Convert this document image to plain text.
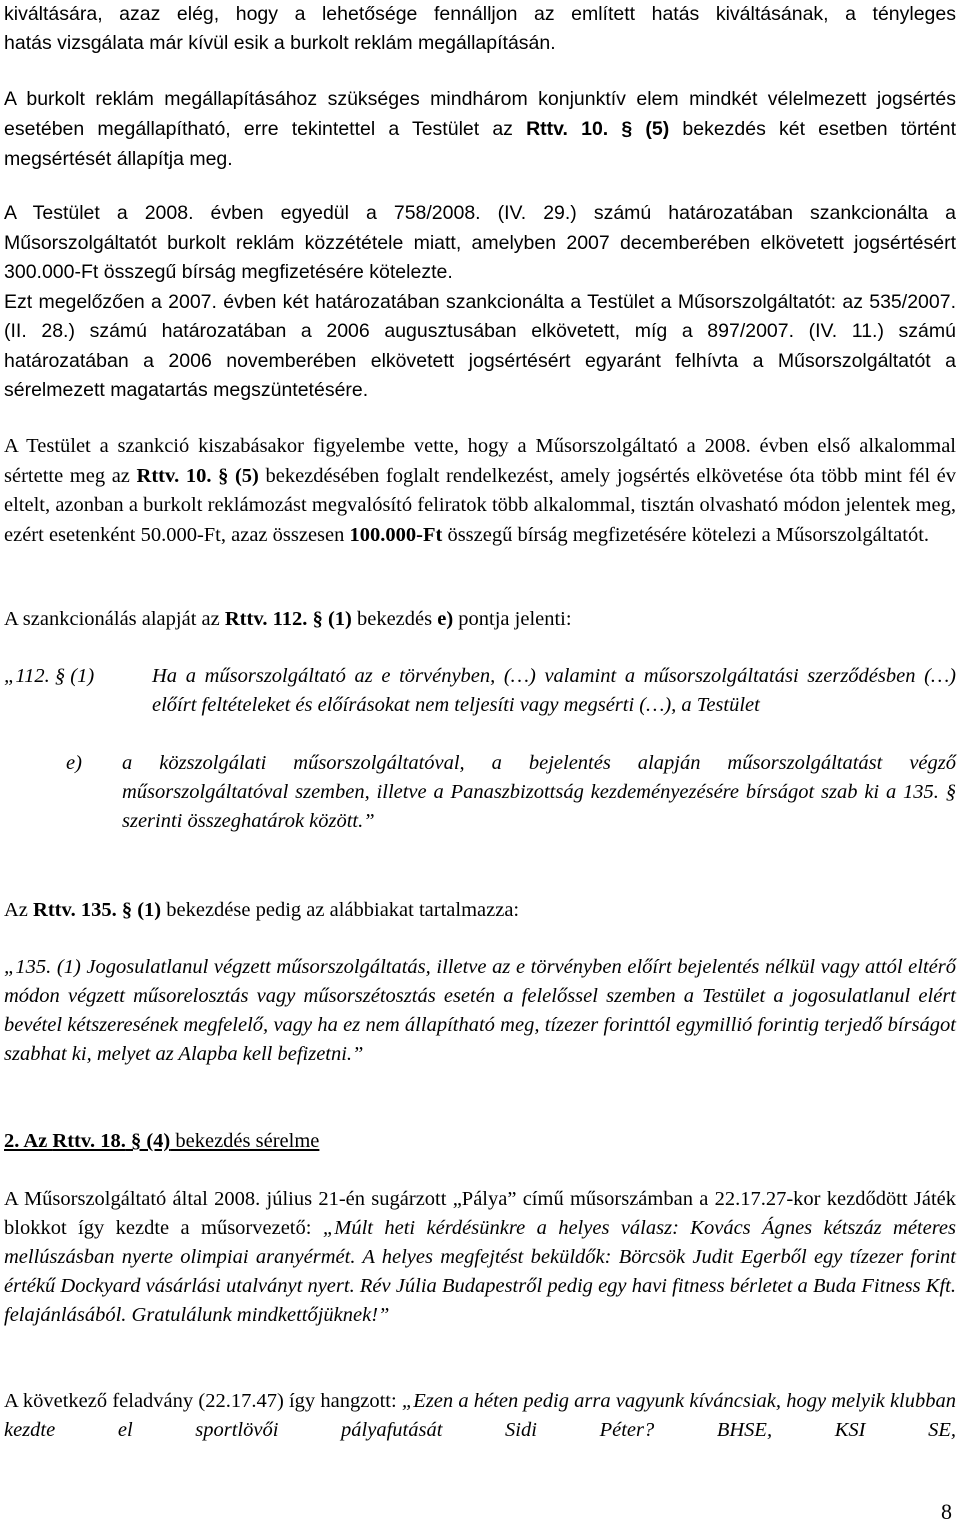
kiváltására, azaz elég, hogy a lehetősége fennálljon az említett hatás kiváltásának, a tényleges

hatás vizsgálata már kívül esik a burkolt reklám megállapításán.

A burkolt reklám megállapításához szükséges mindhárom konjunktív elem mindkét vélelmezett jogsértés esetében megállapítható, erre tekintettel a Testület az Rttv. 10. § (5) bekezdés két esetben történt megsértését állapítja meg.

A Testület a 2008. évben egyedül a 758/2008. (IV. 29.) számú határozatában szankcionálta a Műsorszolgáltatót burkolt reklám közzététele miatt, amelyben 2007 decemberében elkövetett jogsértésért 300.000-Ft összegű bírság megfizetésére kötelezte.

Ezt megelőzően a 2007. évben két határozatában szankcionálta a Testület a Műsorszolgáltatót: az 535/2007. (II. 28.) számú határozatában a 2006 augusztusában elkövetett, míg a 897/2007. (IV. 11.) számú határozatában a 2006 novemberében elkövetett jogsértésért egyaránt felhívta a Műsorszolgáltatót a sérelmezett magatartás megszüntetésére.

A Testület a szankció kiszabásakor figyelembe vette, hogy a Műsorszolgáltató a 2008. évben első alkalommal sértette meg az Rttv. 10. § (5) bekezdésében foglalt rendelkezést, amely jogsértés elkövetése óta több mint fél év eltelt, azonban a burkolt reklámozást megvalósító feliratok több alkalommal, tisztán olvasható módon jelentek meg, ezért esetenként 50.000-Ft, azaz összesen 100.000-Ft összegű bírság megfizetésére kötelezi a Műsorszolgáltatót.

A szankcionálás alapját az Rttv. 112. § (1) bekezdés e) pontja jelenti:

„112. § (1)	Ha a műsorszolgáltató az e törvényben, (…) valamint a műsorszolgáltatási szerződésben (…) előírt feltételeket és előírásokat nem teljesíti vagy megsérti (…), a Testület
e)	a közszolgálati műsorszolgáltatóval, a bejelentés alapján műsorszolgáltatást végző műsorszolgáltatóval szemben, illetve a Panaszbizottság kezdeményezésére bírságot szab ki a 135. § szerinti összeghatárok között.”

Az Rttv. 135. § (1) bekezdése pedig az alábbiakat tartalmazza:

„135. (1) Jogosulatlanul végzett műsorszolgáltatás, illetve az e törvényben előírt bejelentés nélkül vagy attól eltérő módon végzett műsorelosztás vagy műsorszétosztás esetén a felelőssel szemben a Testület a jogosulatlanul elért bevétel kétszeresének megfelelő, vagy ha ez nem állapítható meg, tízezer forinttól egymillió forintig terjedő bírságot szabhat ki, melyet az Alapba kell befizetni.”

2. Az Rttv. 18. § (4) bekezdés sérelme

A Műsorszolgáltató által 2008. július 21-én sugárzott „Pálya” című műsorszámban a 22.17.27-kor kezdődött Játék blokkot így kezdte a műsorvezető: „Múlt heti kérdésünkre a helyes válasz: Kovács Ágnes kétszáz méteres mellúszásban nyerte olimpiai aranyérmét. A helyes megfejtést beküldők: Börcsök Judit Egerből egy tízezer forint értékű Dockyard vásárlási utalványt nyert. Rév Júlia Budapestről pedig egy havi fitness bérletet a Buda Fitness Kft. felajánlásából. Gratulálunk mindkettőjüknek!”

A következő feladvány (22.17.47) így hangzott: „Ezen a héten pedig arra vagyunk kíváncsiak, hogy melyik klubban kezdte el sportlövői pályafutását Sidi Péter? BHSE, KSI SE,

8
